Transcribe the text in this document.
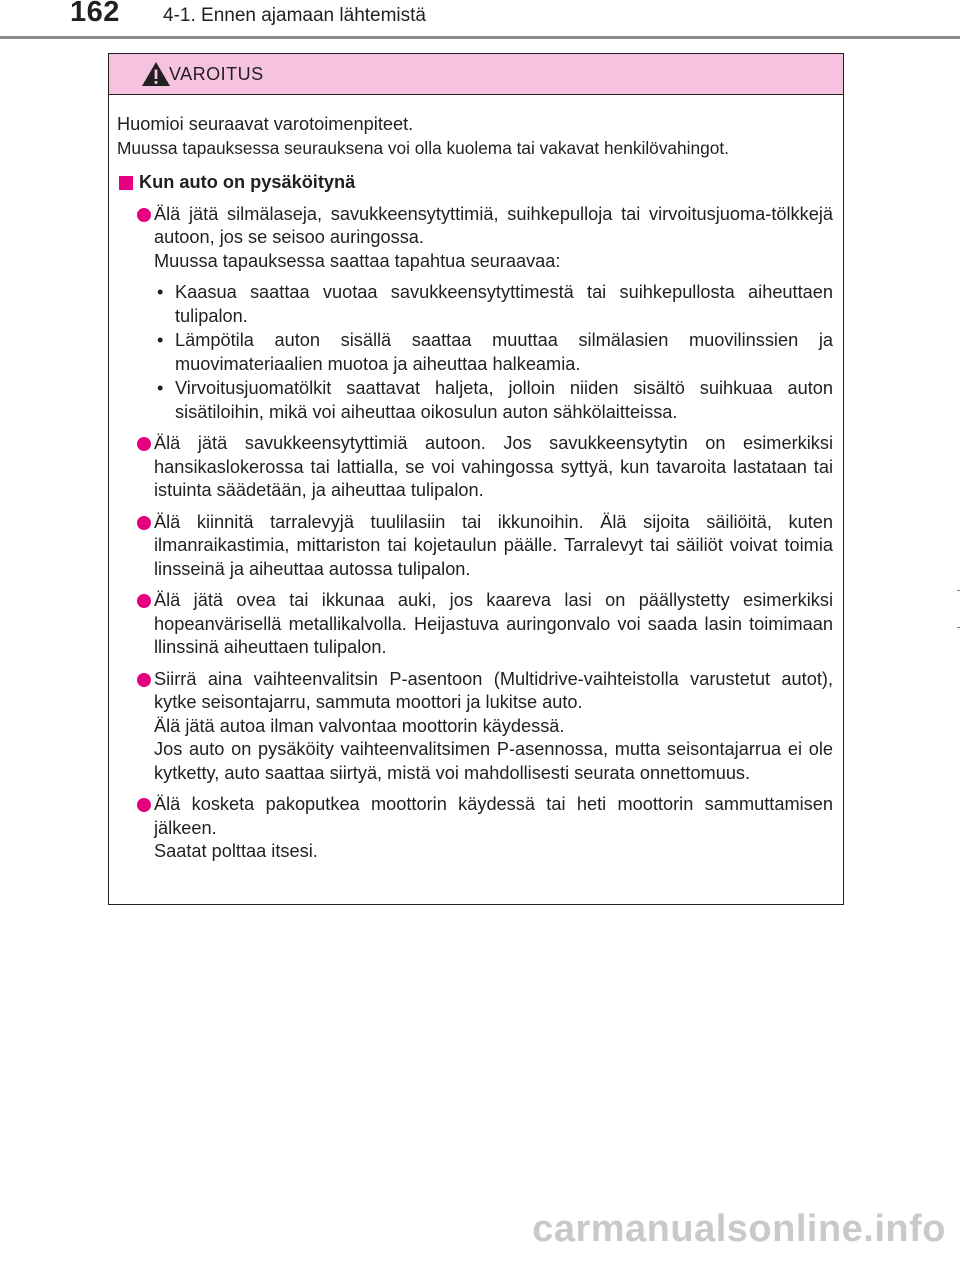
162 4-1. Ennen ajamaan lähtemistä
VAROITUS

Huomioi seuraavat varotoimenpiteet.

Muussa tapauksessa seurauksena voi olla kuolema tai vakavat henkilövahingot.

Kun auto on pysäköitynä

Älä jätä silmälaseja, savukkeensytyttimiä, suihkepulloja tai virvoitusjuoma-tölkkejä autoon, jos se seisoo auringossa.

Muussa tapauksessa saattaa tapahtua seuraavaa:

• Kaasua saattaa vuotaa savukkeensytyttimestä tai suihkepullosta aiheuttaen tulipalon.
• Lämpötila auton sisällä saattaa muuttaa silmälasien muovilinssien ja muovimateriaalien muotoa ja aiheuttaa halkeamia.
• Virvoitusjuomatölkit saattavat haljeta, jolloin niiden sisältö suihkuaa auton sisätiloihin, mikä voi aiheuttaa oikosulun auton sähkölaitteissa.

Älä jätä savukkeensytyttimiä autoon. Jos savukkeensytytin on esimerkiksi hansikaslokerossa tai lattialla, se voi vahingossa syttyä, kun tavaroita lastataan tai istuinta säädetään, ja aiheuttaa tulipalon.

Älä kiinnitä tarralevyjä tuulilasiin tai ikkunoihin. Älä sijoita säiliöitä, kuten ilmanraikastimia, mittariston tai kojetaulun päälle. Tarralevyt tai säiliöt voivat toimia linsseinä ja aiheuttaa autossa tulipalon.

Älä jätä ovea tai ikkunaa auki, jos kaareva lasi on päällystetty esimerkiksi hopeanvärisellä metallikalvolla. Heijastuva auringonvalo voi saada lasin toimimaan llinssinä aiheuttaen tulipalon.

Siirrä aina vaihteenvalitsin P-asentoon (Multidrive-vaihteistolla varustetut autot), kytke seisontajarru, sammuta moottori ja lukitse auto.

Älä jätä autoa ilman valvontaa moottorin käydessä.

Jos auto on pysäköity vaihteenvalitsimen P-asennossa, mutta seisontajarrua ei ole kytketty, auto saattaa siirtyä, mistä voi mahdollisesti seurata onnettomuus.

Älä kosketa pakoputkea moottorin käydessä tai heti moottorin sammuttamisen jälkeen.

Saatat polttaa itsesi.

carmanualsonline.info
